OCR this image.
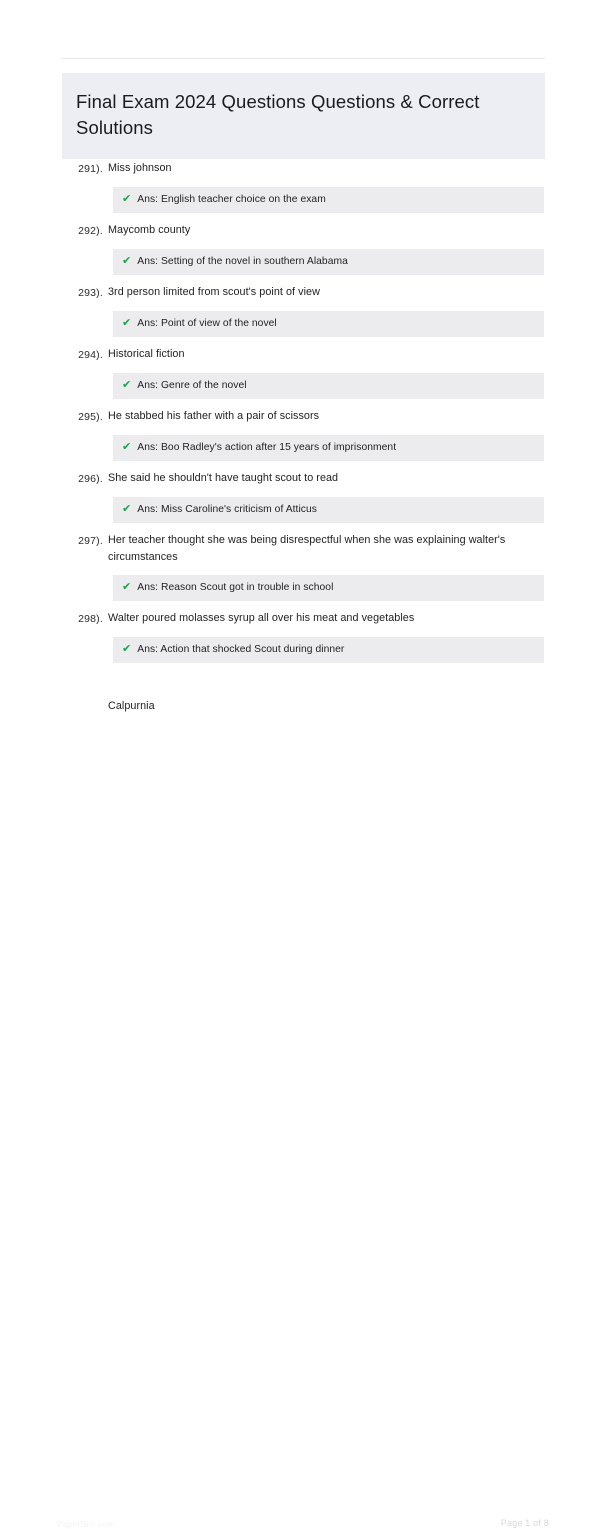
Final Exam 2024 Questions Questions & Correct Solutions
291). Miss johnson
✔ Ans: English teacher choice on the exam
292). Maycomb county
✔ Ans: Setting of the novel in southern Alabama
293). 3rd person limited from scout's point of view
✔ Ans: Point of view of the novel
294). Historical fiction
✔ Ans: Genre of the novel
295). He stabbed his father with a pair of scissors
✔ Ans: Boo Radley's action after 15 years of imprisonment
296). She said he shouldn't have taught scout to read
✔ Ans: Miss Caroline's criticism of Atticus
297). Her teacher thought she was being disrespectful when she was explaining walter's circumstances
✔ Ans: Reason Scout got in trouble in school
298). Walter poured molasses syrup all over his meat and vegetables
✔ Ans: Action that shocked Scout during dinner
Calpurnia
PaperStic.com	Page 1 of 8
